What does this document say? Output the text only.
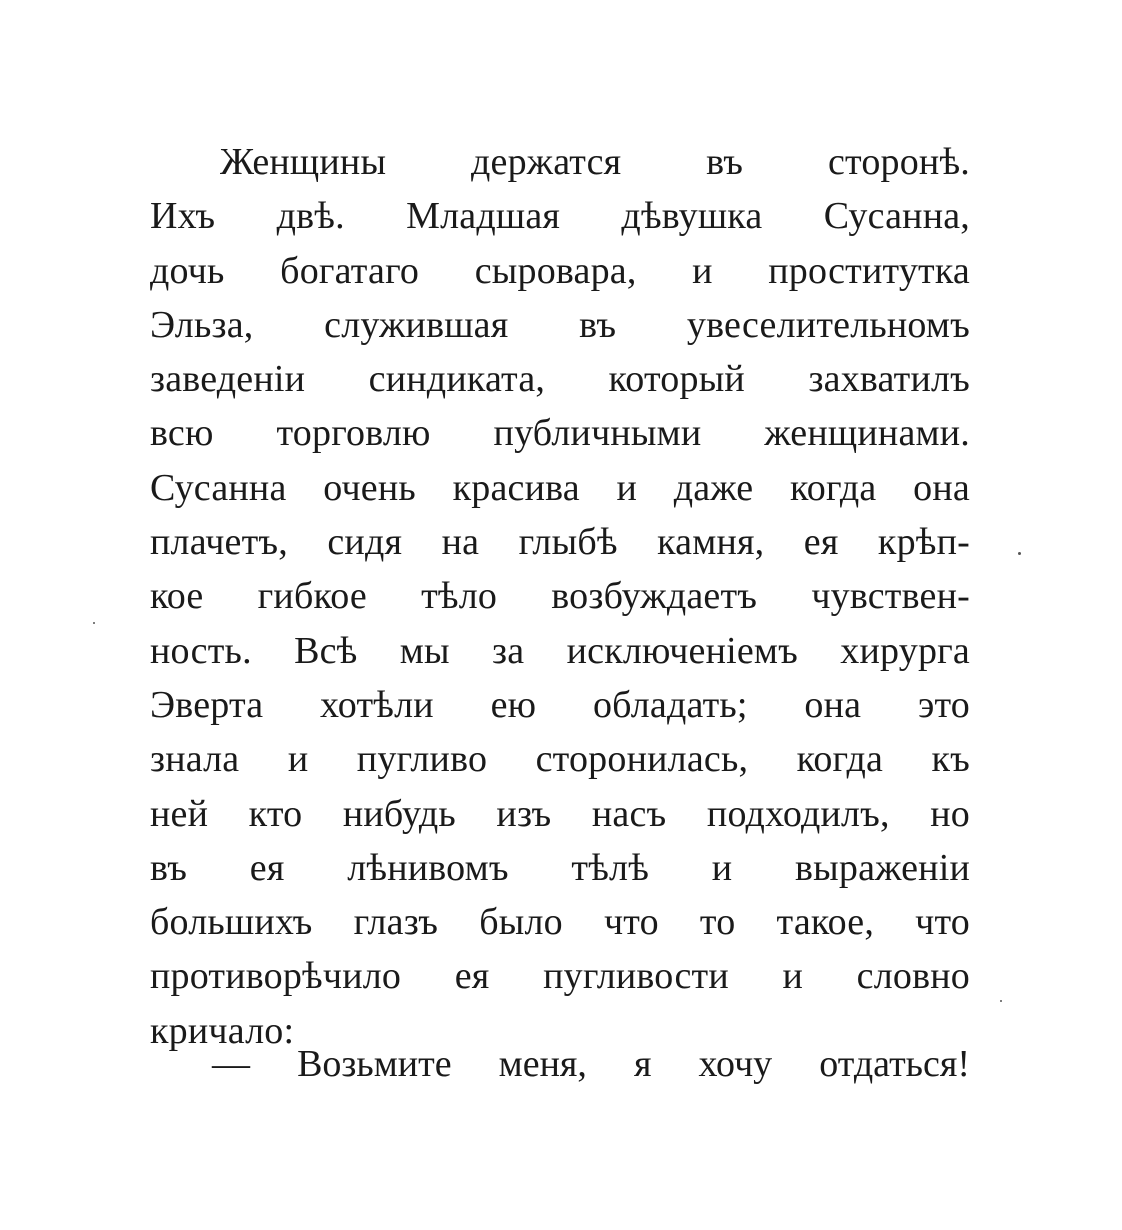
Женщины держатся въ сторонѣ.
Ихъ двѣ. Младшая дѣвушка Сусанна,
дочь богатаго сыровара, и проститутка
Эльза, служившая въ увеселительномъ
заведенiи синдиката, который захватилъ
всю торговлю публичными женщинами.
Сусанна очень красива и даже когда она
плачетъ, сидя на глыбѣ камня, ея крѣп-
кое гибкое тѣло возбуждаетъ чувствен-
ность. Всѣ мы за исключенiемъ хирурга
Эверта хотѣли ею обладать; она это
знала и пугливо сторонилась, когда къ
ней кто нибудь изъ насъ подходилъ, но
въ ея лѣнивомъ тѣлѣ и выраженiи
большихъ глазъ было что то такое, что
противорѣчило ея пугливости и словно
кричало:
— Возьмите меня, я хочу отдаться!
